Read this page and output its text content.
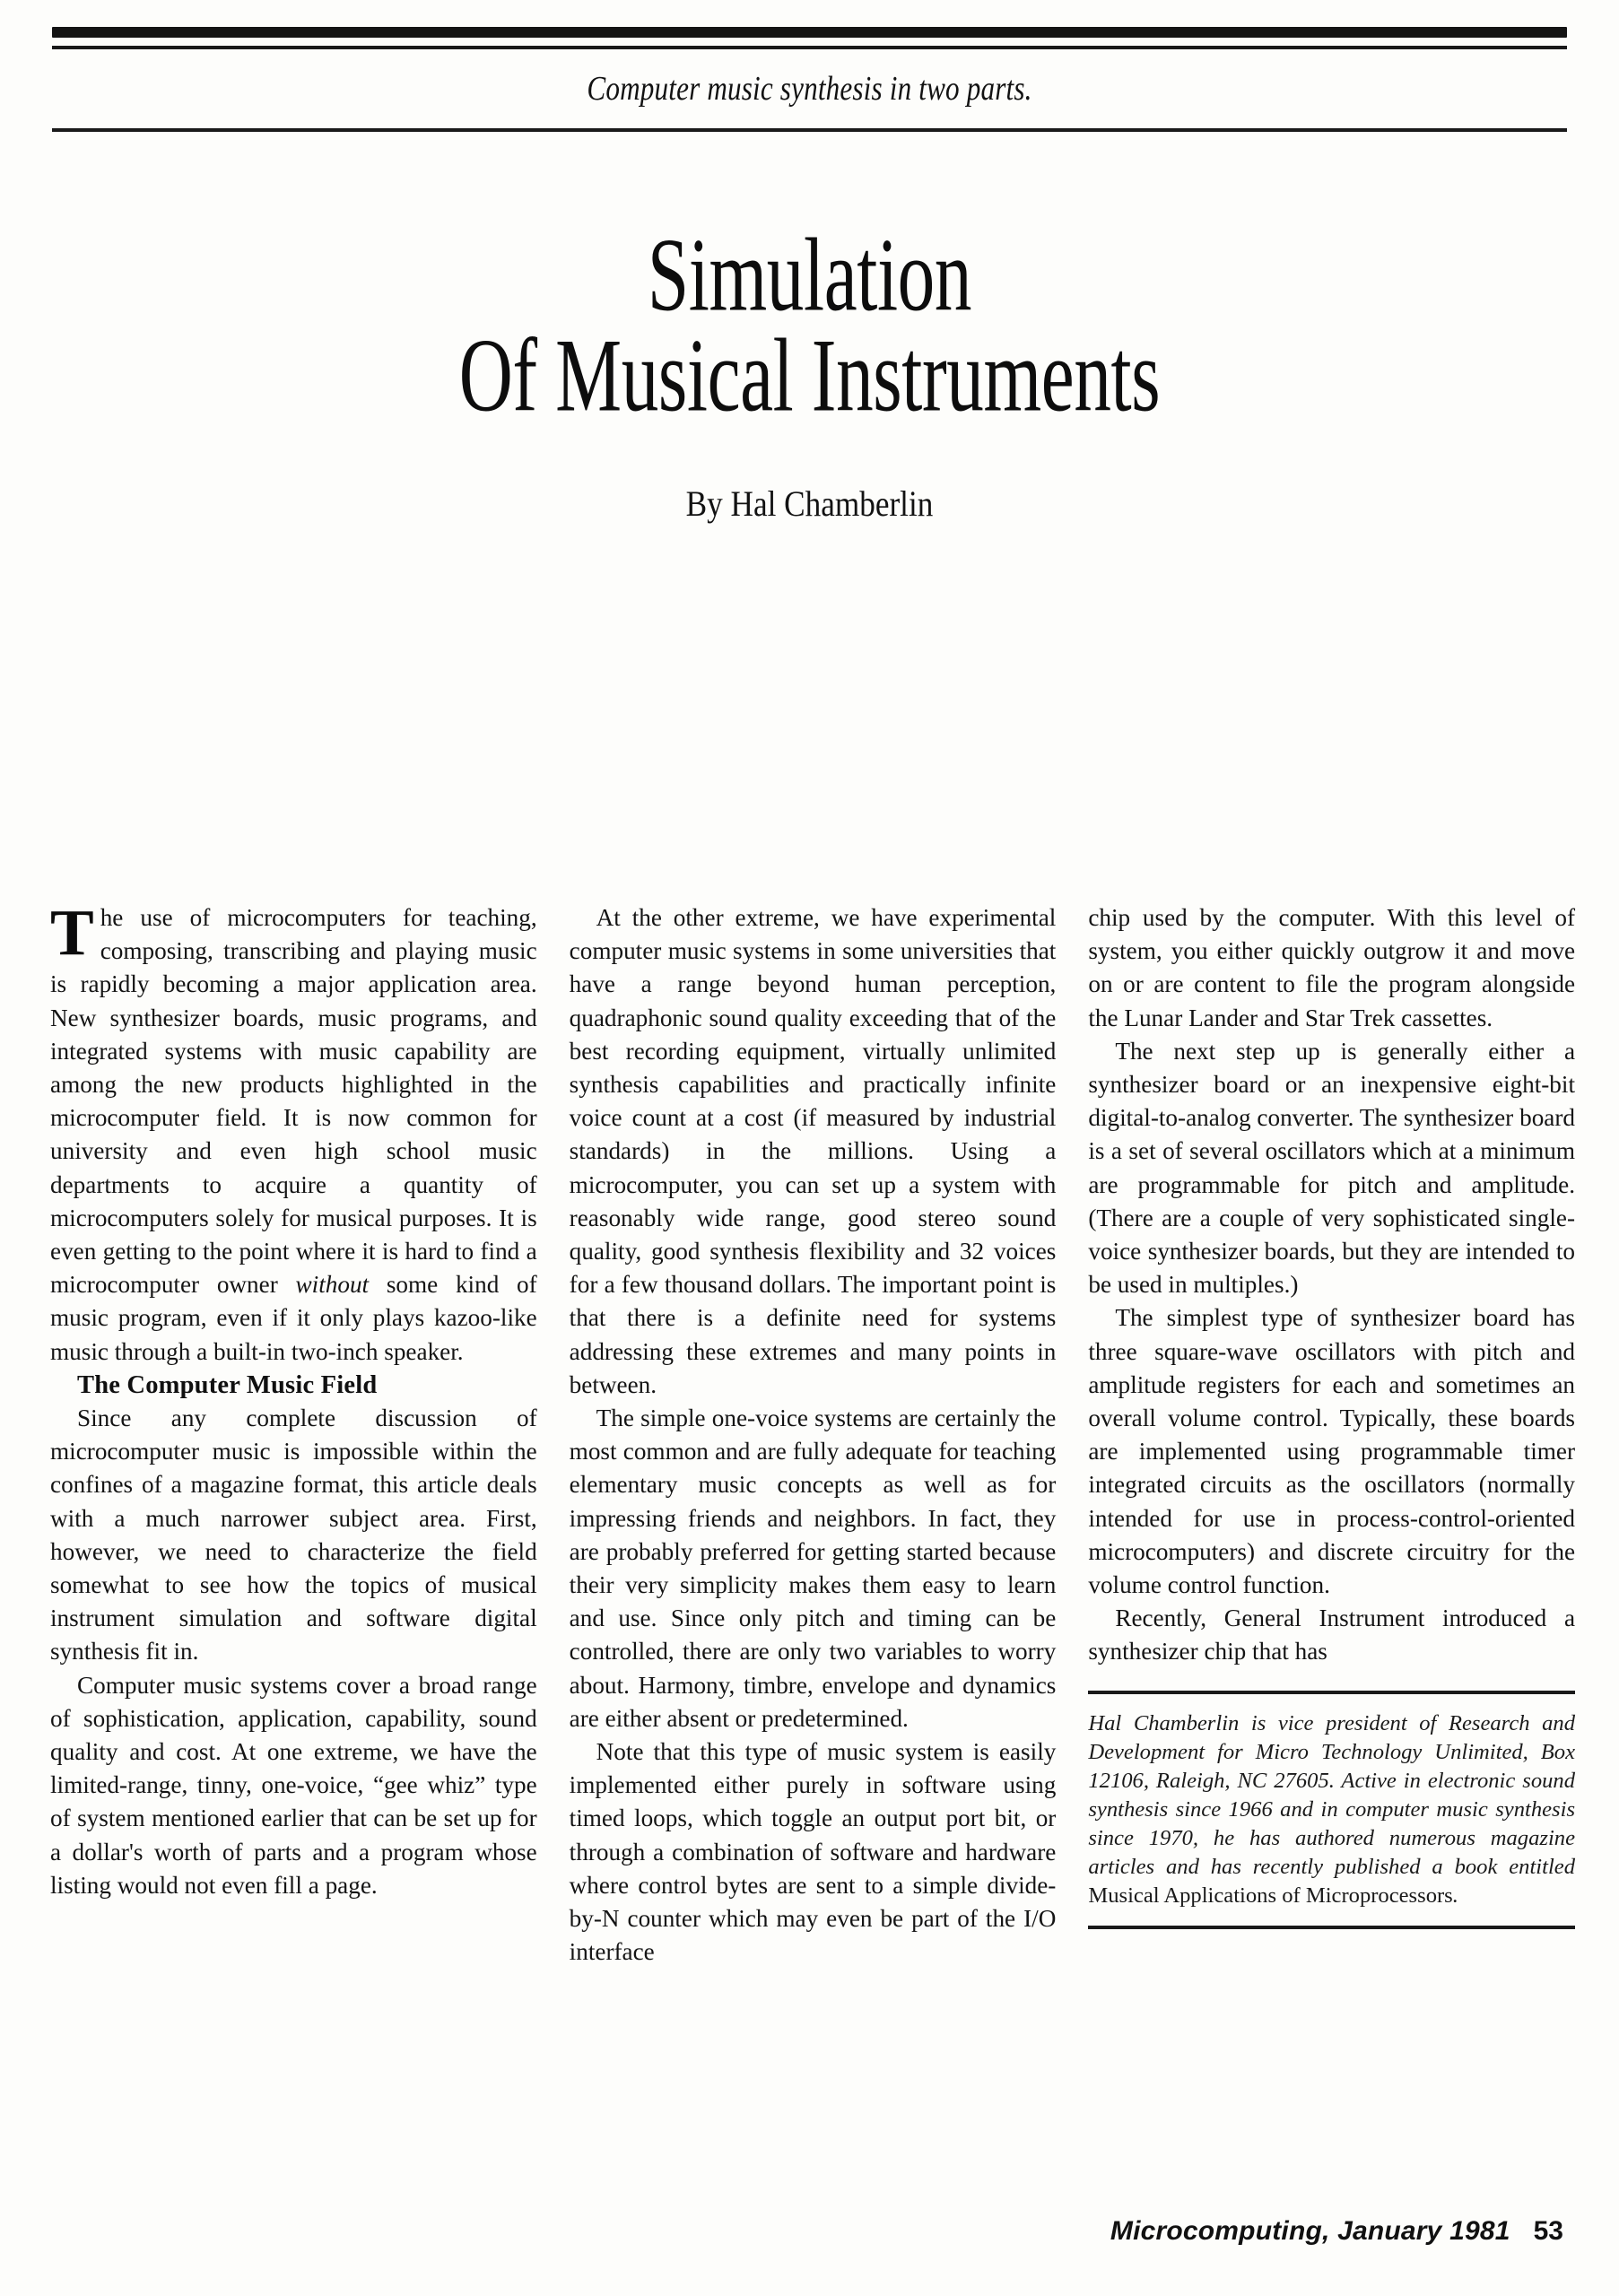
Computer music synthesis in two parts.
Simulation
Of Musical Instruments
By Hal Chamberlin

The use of microcomputers for teaching, composing, transcribing and playing music is rapidly becoming a major application area. New synthesizer boards, music programs, and integrated systems with music capability are among the new products highlighted in the microcomputer field. It is now common for university and even high school music departments to acquire a quantity of microcomputers solely for musical purposes. It is even getting to the point where it is hard to find a microcomputer owner without some kind of music program, even if it only plays kazoo-like music through a built-in two-inch speaker.

The Computer Music Field

Since any complete discussion of microcomputer music is impossible within the confines of a magazine format, this article deals with a much narrower subject area. First, however, we need to characterize the field somewhat to see how the topics of musical instrument simulation and software digital synthesis fit in.

Computer music systems cover a broad range of sophistication, application, capability, sound quality and cost. At one extreme, we have the limited-range, tinny, one-voice, “gee whiz” type of system mentioned earlier that can be set up for a dollar's worth of parts and a program whose listing would not even fill a page.

At the other extreme, we have experimental computer music systems in some universities that have a range beyond human perception, quadraphonic sound quality exceeding that of the best recording equipment, virtually unlimited synthesis capabilities and practically infinite voice count at a cost (if measured by industrial standards) in the millions. Using a microcomputer, you can set up a system with reasonably wide range, good stereo sound quality, good synthesis flexibility and 32 voices for a few thousand dollars. The important point is that there is a definite need for systems addressing these extremes and many points in between.

The simple one-voice systems are certainly the most common and are fully adequate for teaching elementary music concepts as well as for impressing friends and neighbors. In fact, they are probably preferred for getting started because their very simplicity makes them easy to learn and use. Since only pitch and timing can be controlled, there are only two variables to worry about. Harmony, timbre, envelope and dynamics are either absent or predetermined.

Note that this type of music system is easily implemented either purely in software using timed loops, which toggle an output port bit, or through a combination of software and hardware where control bytes are sent to a simple divide-by-N counter which may even be part of the I/O interface

chip used by the computer. With this level of system, you either quickly outgrow it and move on or are content to file the program alongside the Lunar Lander and Star Trek cassettes.

The next step up is generally either a synthesizer board or an inexpensive eight-bit digital-to-analog converter. The synthesizer board is a set of several oscillators which at a minimum are programmable for pitch and amplitude. (There are a couple of very sophisticated single-voice synthesizer boards, but they are intended to be used in multiples.)

The simplest type of synthesizer board has three square-wave oscillators with pitch and amplitude registers for each and sometimes an overall volume control. Typically, these boards are implemented using programmable timer integrated circuits as the oscillators (normally intended for use in process-control-oriented microcomputers) and discrete circuitry for the volume control function.

Recently, General Instrument introduced a synthesizer chip that has

Hal Chamberlin is vice president of Research and Development for Micro Technology Unlimited, Box 12106, Raleigh, NC 27605. Active in electronic sound synthesis since 1966 and in computer music synthesis since 1970, he has authored numerous magazine articles and has recently published a book entitled Musical Applications of Microprocessors.

Microcomputing, January 1981 53
